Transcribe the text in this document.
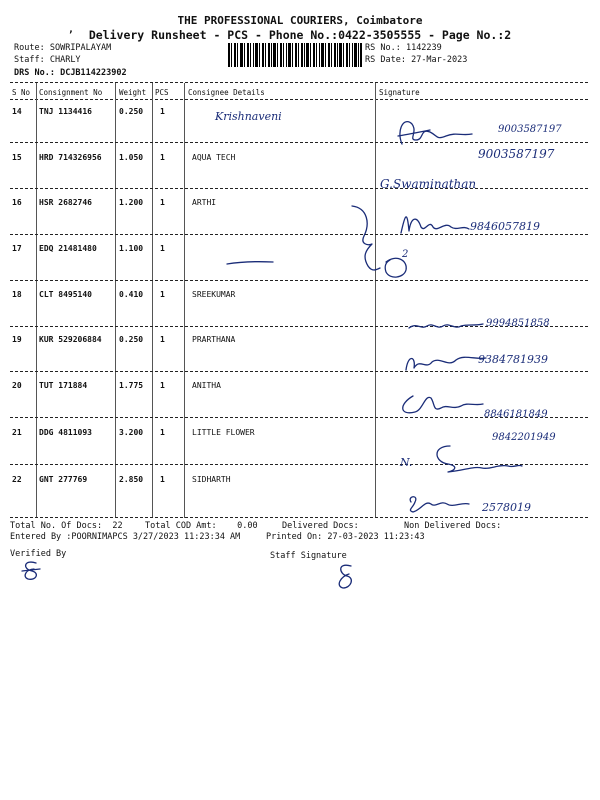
THE PROFESSIONAL COURIERS, Coimbatore
Delivery Runsheet - PCS - Phone No.:0422-3505555 - Page No.:2
,
Route: SOWRIPALAYAM
Staff: CHARLY
DRS No.: DCJB114223902
RS No.: 1142239
RS Date: 27-Mar-2023
S No Consignment No Weight PCS	Consignee Details	Signature
14 TNJ 1134416	0.250 1
15 HRD 714326956 1.050 1	AQUA TECH
16 HSR 2682746	1.200 1	ARTHI
17 EDQ 21481480	1.100 1
18 CLT 8495140	0.410 1	SREEKUMAR
19 KUR 529206884 0.250 1	PRARTHANA
20 TUT 171884	1.775 1	ANITHA
21 DDG 4811093	3.200 1	LITTLE FLOWER
22 GNT 277769	2.850 1	SIDHARTH
Krishnaveni
9003587197
9003587197
G.Swaminathan
2
9846057819
9994851858
9384781939
8846181849
9842201949
N.
2578019
Total No. Of Docs:  22	Total COD Amt:    0.00	Delivered Docs:	Non Delivered Docs:
Entered By :POORNIMAPCS 3/27/2023 11:23:34 AM	Printed On: 27-03-2023 11:23:43
Verified By	Staff Signature
